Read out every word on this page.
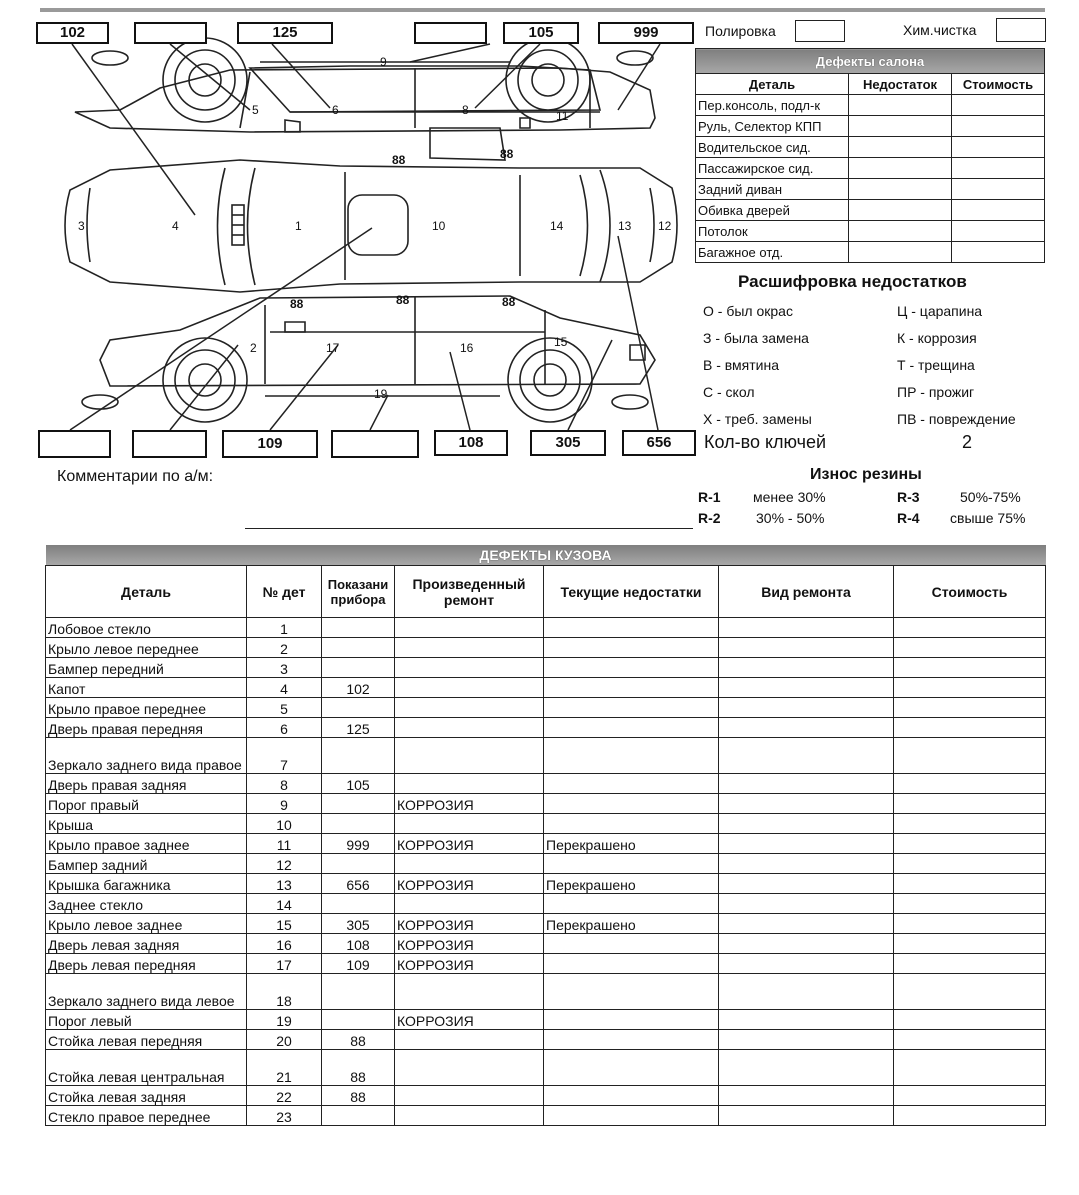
5	6
9
8	11
88	88
3	4	1	10	14	13 12
88	88	88
2	17	16	15
19
102	125	105	999
109	108	305	656
Полировка	Хим.чистка
Дефекты салона		
Деталь	Недостаток	Стоимость
Пер.консоль, подл-к		
Руль, Селектор КПП		
Водительское сид.		
Пассажирское сид.		
Задний диван		
Обивка дверей		
Потолок		
Багажное отд.		
Расшифровка недостатков
О - был окрас
З - была замена
В - вмятина
С - скол
Х - треб. замены
Ц - царапина
К - коррозия
Т - трещина
ПР - прожиг
ПВ - повреждение
Кол-во ключей	2
Износ резины
R-1 менее 30%
R-2	30% - 50%
R-3	50%-75%
R-4 свыше 75%
Комментарии по а/м:
ДЕФЕКТЫ КУЗОВА						
Деталь	№ дет	Показани прибора	Произведенный ремонт	Текущие недостатки	Вид ремонта	Стоимость
Лобовое стекло	1					
Крыло левое переднее	2					
Бампер передний	3					
Капот	4	102				
Крыло правое переднее	5					
Дверь правая передняя	6	125				
Зеркало заднего вида правое	7					
Дверь правая задняя	8	105				
Порог правый	9		КОРРОЗИЯ			
Крыша	10					
Крыло правое заднее	11	999	КОРРОЗИЯ	Перекрашено		
Бампер задний	12					
Крышка багажника	13	656	КОРРОЗИЯ	Перекрашено		
Заднее стекло	14					
Крыло левое заднее	15	305	КОРРОЗИЯ	Перекрашено		
Дверь левая задняя	16	108	КОРРОЗИЯ			
Дверь левая передняя	17	109	КОРРОЗИЯ			
Зеркало заднего вида левое	18					
Порог левый	19		КОРРОЗИЯ			
Стойка левая передняя	20	88				
Стойка левая центральная	21	88				
Стойка левая задняя	22	88				
Стекло правое переднее	23					
